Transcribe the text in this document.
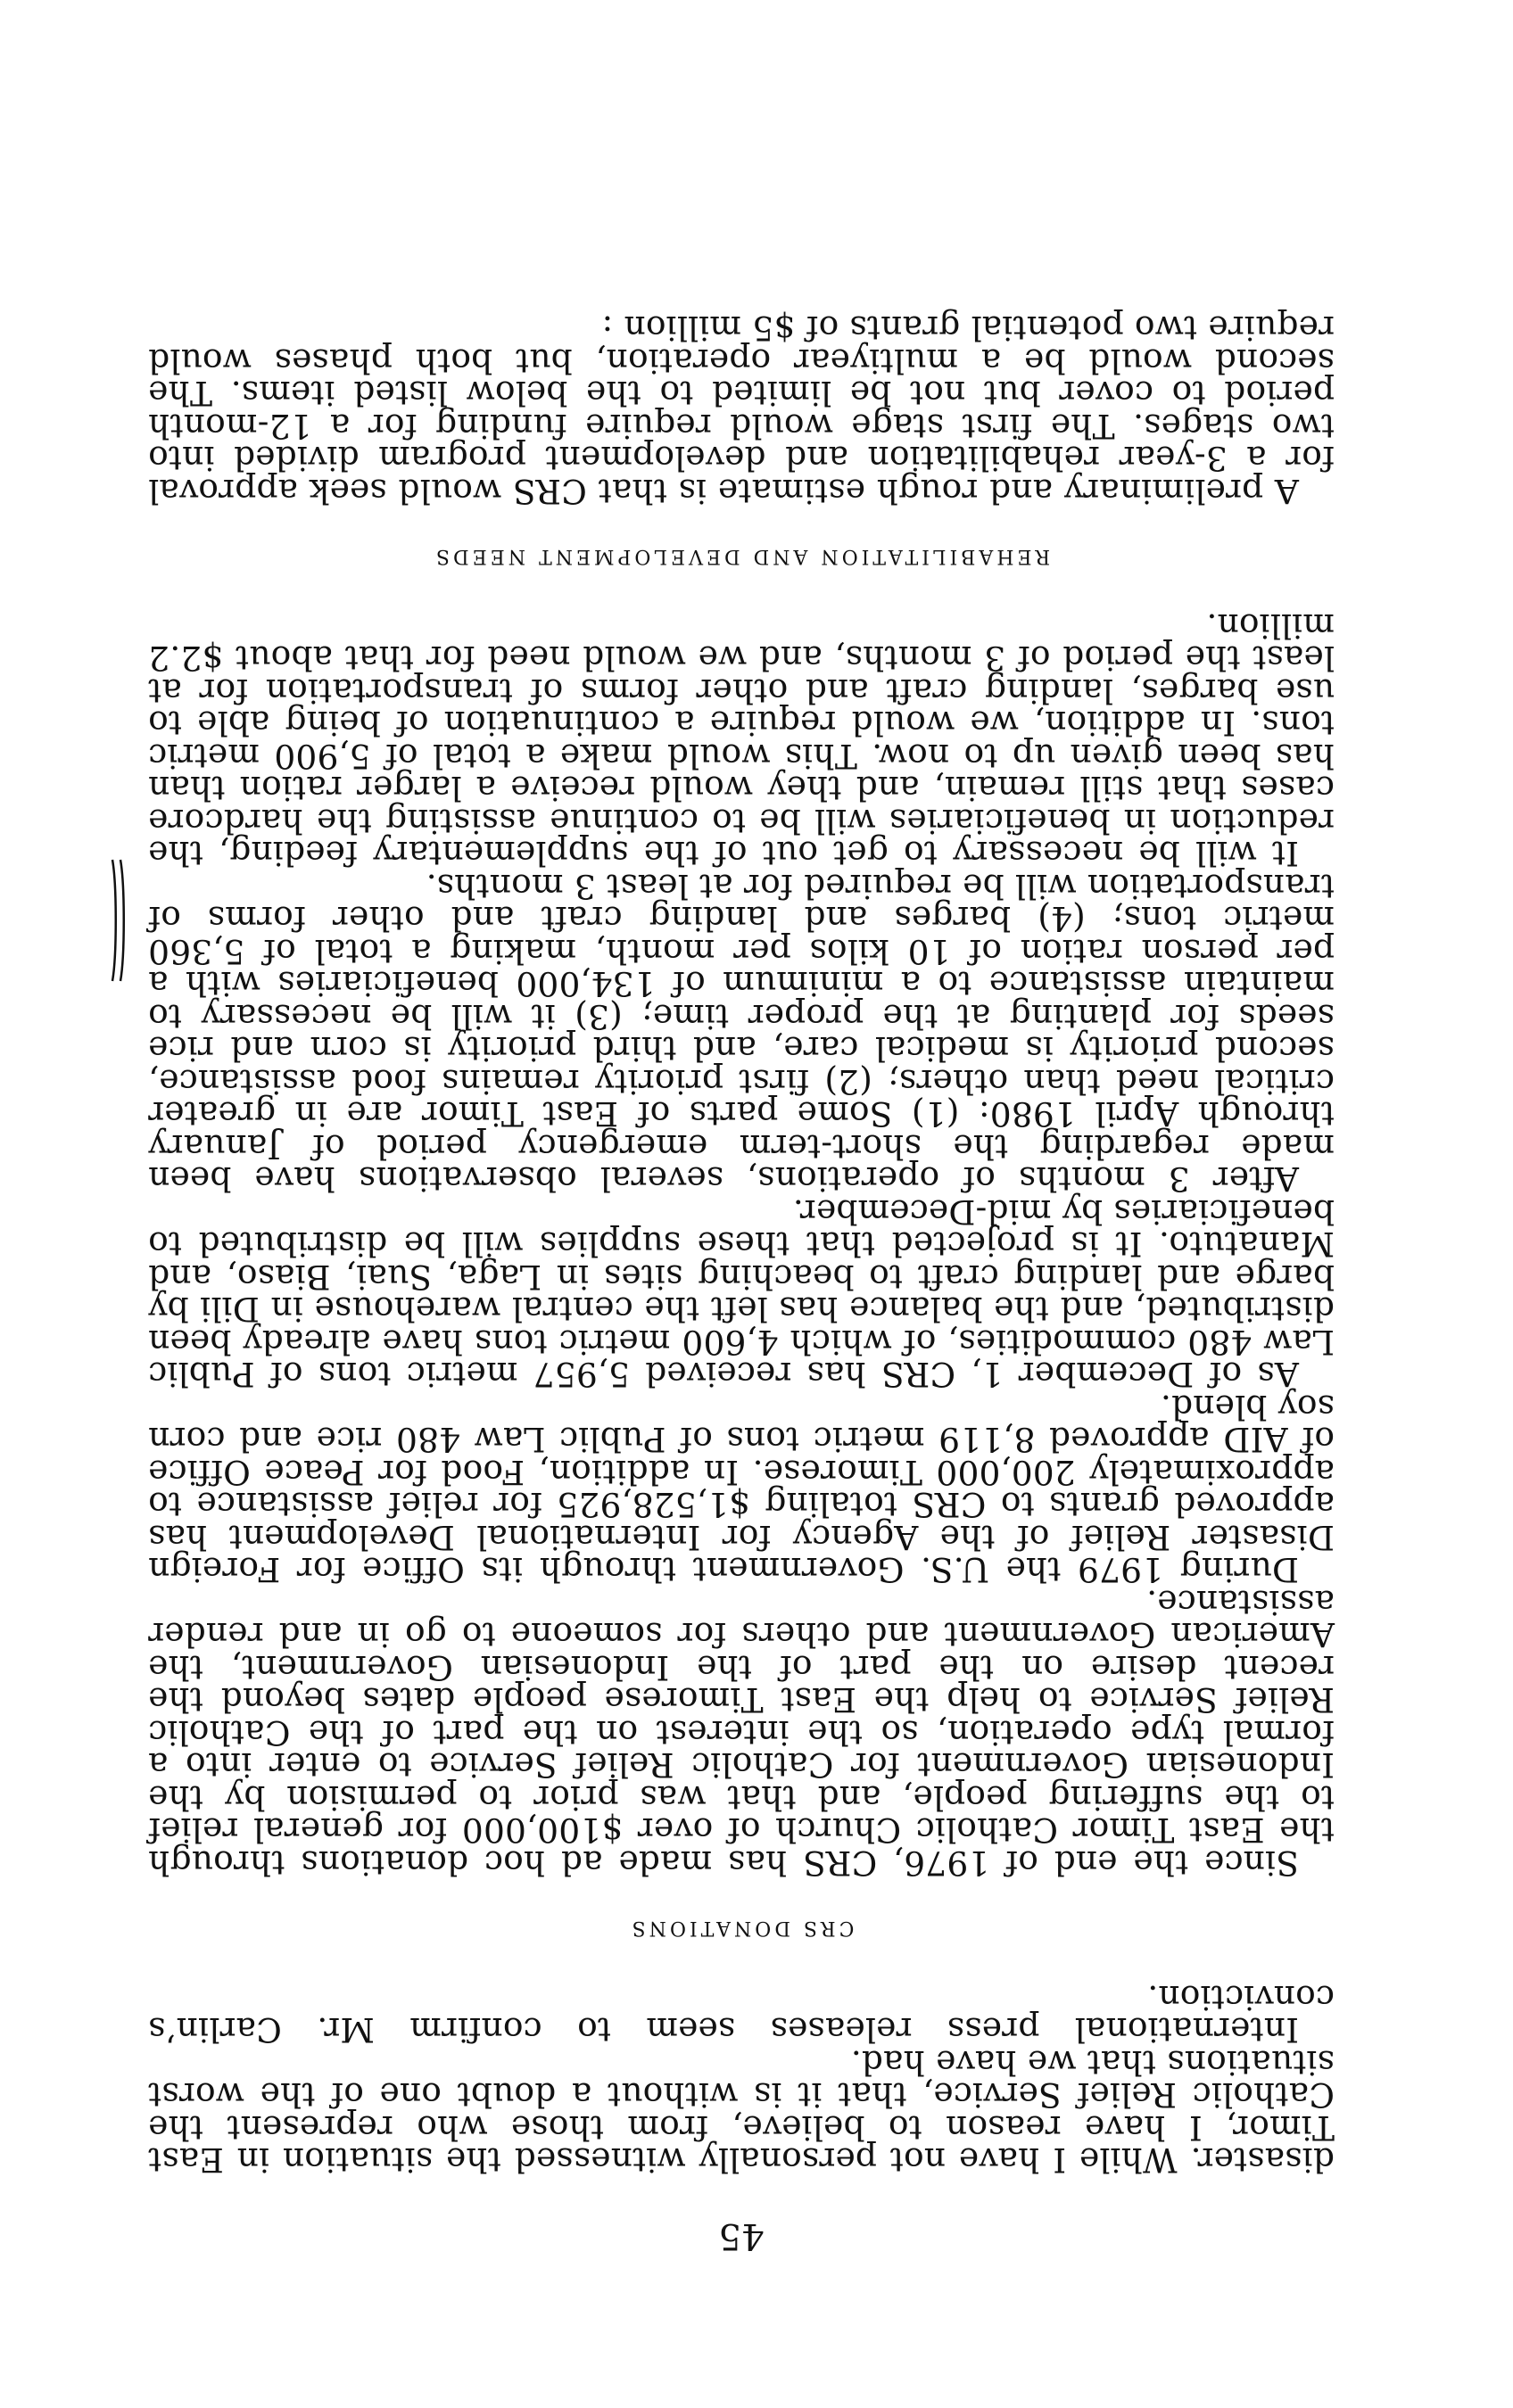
45

disaster. While I have not personally witnessed the situation in East Timor, I have reason to believe, from those who represent the Catholic Relief Service, that it is without a doubt one of the worst situations that we have had.

International press releases seem to confirm Mr. Carlin’s conviction.

CRS DONATIONS

Since the end of 1976, CRS has made ad hoc donations through the East Timor Catholic Church of over $100,000 for general relief to the suffering people, and that was prior to permision by the Indonesian Government for Catholic Relief Service to enter into a formal type operation, so the interest on the part of the Catholic Relief Service to help the East Timorese people dates beyond the recent desire on the part of the Indonesian Government, the American Government and others for someone to go in and render assistance.

During 1979 the U.S. Government through its Office for Foreign Disaster Relief of the Agency for International Development has approved grants to CRS totaling $1,528,925 for relief assistance to approximately 200,000 Timorese. In addition, Food for Peace Office of AID approved 8,119 metric tons of Public Law 480 rice and corn soy blend.

As of December 1, CRS has received 5,957 metric tons of Public Law 480 commodities, of which 4,600 metric tons have already been distributed, and the balance has left the central warehouse in Dili by barge and landing craft to beaching sites in Laga, Suai, Biaso, and Manatuto. It is projected that these supplies will be distributed to beneficiaries by mid-December.

After 3 months of operations, several observations have been made regarding the short-term emergency period of January through April 1980: (1) Some parts of East Timor are in greater critical need than others; (2) first priority remains food assistance, second priority is medical care, and third priority is corn and rice seeds for planting at the proper time; (3) it will be necessary to maintain assistance to a minimum of 134,000 beneficiaries with a per person ration of 10 kilos per month, making a total of 5,360 metric tons; (4) barges and landing craft and other forms of transportation will be required for at least 3 months.

It will be necessary to get out of the supplementary feeding, the reduction in beneficiaries will be to continue assisting the hardcore cases that still remain, and they would receive a larger ration than has been given up to now. This would make a total of 5,900 metric tons. In addition, we would require a continuation of being able to use barges, landing craft and other forms of transportation for at least the period of 3 months, and we would need for that about $2.2 million.

REHABILITATION AND DEVELOPMENT NEEDS

A preliminary and rough estimate is that CRS would seek approval for a 3-year rehabilitation and development program divided into two stages. The first stage would require funding for a 12-month period to cover but not be limited to the below listed items. The second would be a multiyear operation, but both phases would require two potential grants of $5 million :
